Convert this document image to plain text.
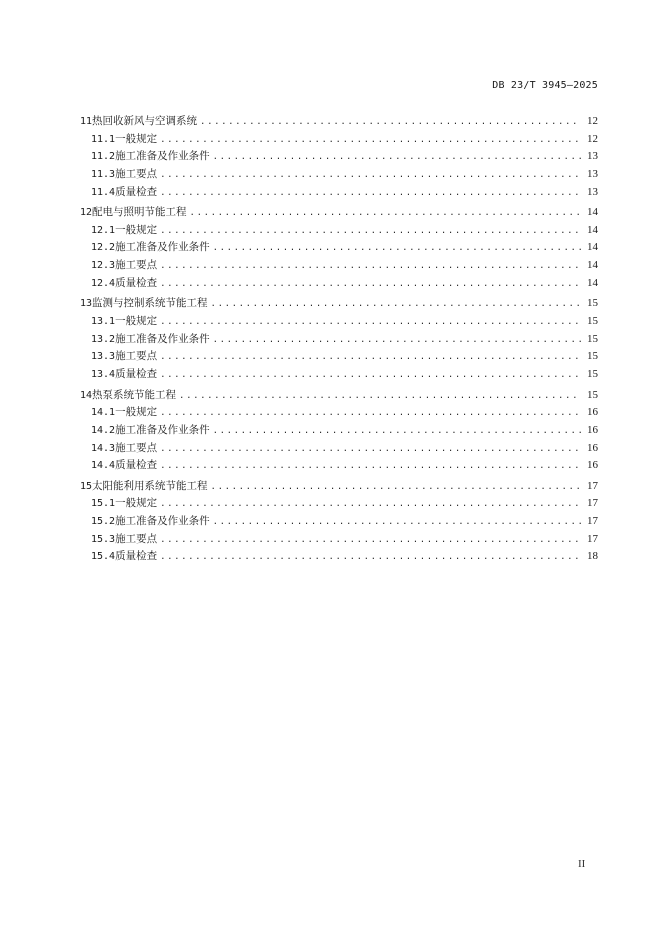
DB 23/T 3945—2025
11 热回收新风与空调系统 .....	12
11.1 一般规定 .....	12
11.2 施工准备及作业条件 .....	13
11.3 施工要点 .....	13
11.4 质量检查 .....	13
12 配电与照明节能工程 .....	14
12.1 一般规定 .....	14
12.2 施工准备及作业条件 .....	14
12.3 施工要点 .....	14
12.4 质量检查 .....	14
13 监测与控制系统节能工程 .....	15
13.1 一般规定 .....	15
13.2 施工准备及作业条件 .....	15
13.3 施工要点 .....	15
13.4 质量检查 .....	15
14 热泵系统节能工程 .....	15
14.1 一般规定 .....	16
14.2 施工准备及作业条件 .....	16
14.3 施工要点 .....	16
14.4 质量检查 .....	16
15 太阳能利用系统节能工程 .....	17
15.1 一般规定 .....	17
15.2 施工准备及作业条件 .....	17
15.3 施工要点 .....	17
15.4 质量检查 .....	18
II
